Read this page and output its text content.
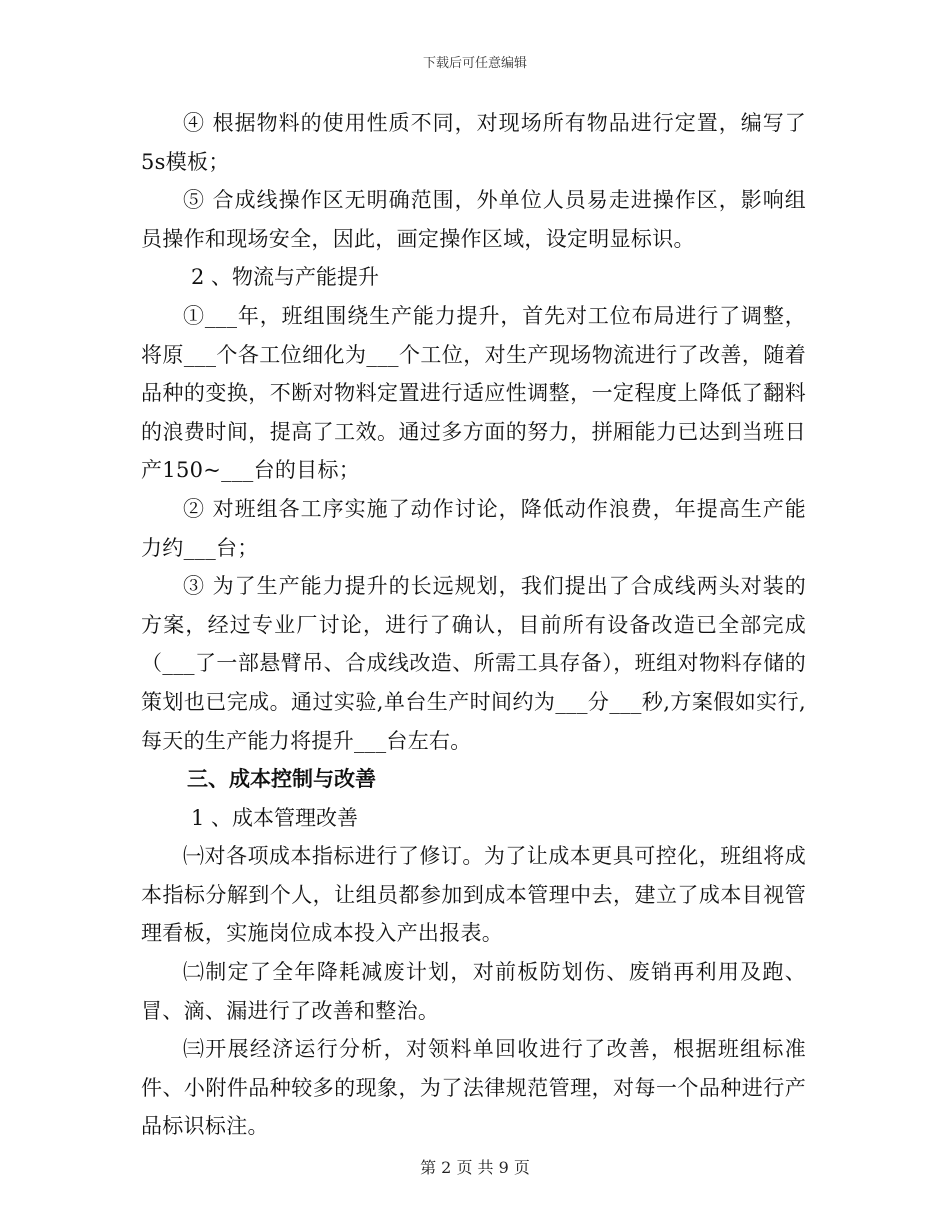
下载后可任意编辑

④ 根据物料的使用性质不同，对现场所有物品进行定置，编写了5s模板；

⑤ 合成线操作区无明确范围，外单位人员易走进操作区，影响组员操作和现场安全，因此，画定操作区域，设定明显标识。

2 、物流与产能提升

①___年，班组围绕生产能力提升，首先对工位布局进行了调整，将原___个各工位细化为___个工位，对生产现场物流进行了改善，随着品种的变换，不断对物料定置进行适应性调整，一定程度上降低了翻料的浪费时间，提高了工效。通过多方面的努力，拼厢能力已达到当班日产150~___台的目标；

② 对班组各工序实施了动作讨论，降低动作浪费，年提高生产能力约___台；

③ 为了生产能力提升的长远规划，我们提出了合成线两头对装的方案，经过专业厂讨论，进行了确认，目前所有设备改造已全部完成（___了一部悬臂吊、合成线改造、所需工具存备），班组对物料存储的策划也已完成。通过实验,单台生产时间约为___分___秒,方案假如实行,每天的生产能力将提升___台左右。

三、成本控制与改善

1 、成本管理改善

㈠对各项成本指标进行了修订。为了让成本更具可控化，班组将成本指标分解到个人，让组员都参加到成本管理中去，建立了成本目视管理看板，实施岗位成本投入产出报表。

㈡制定了全年降耗减废计划，对前板防划伤、废销再利用及跑、冒、滴、漏进行了改善和整治。

㈢开展经济运行分析，对领料单回收进行了改善，根据班组标准件、小附件品种较多的现象，为了法律规范管理，对每一个品种进行产品标识标注。

第 2 页 共 9 页
